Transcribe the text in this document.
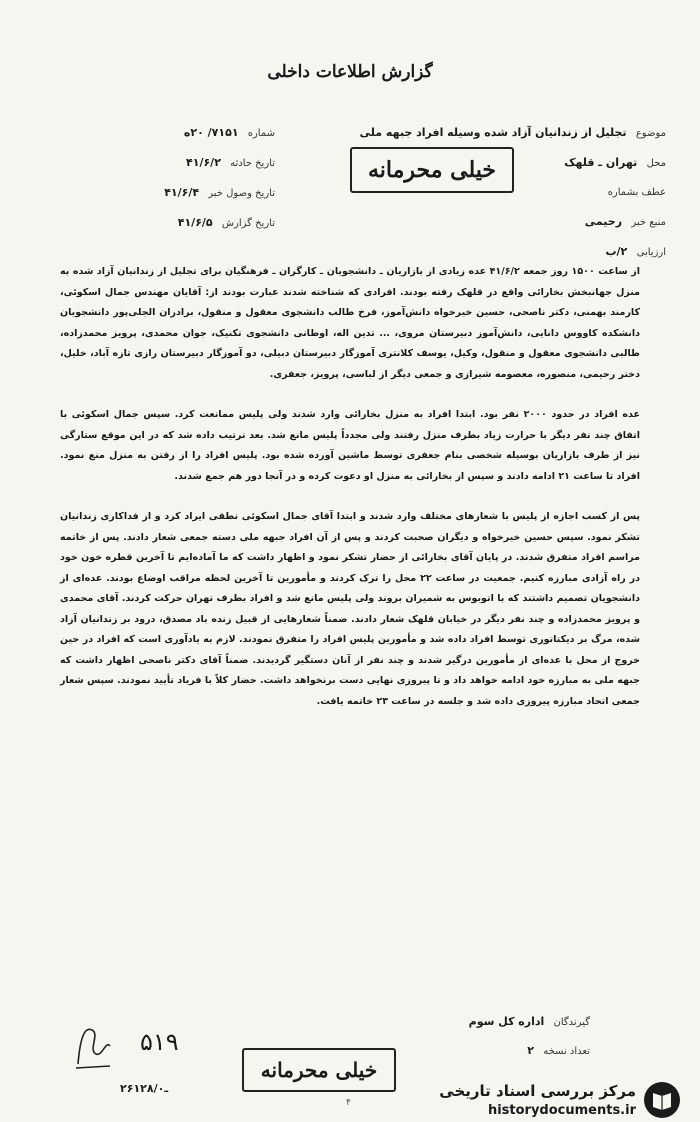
گزارش اطلاعات داخلی
موضوع تجلیل از زندانیان آزاد شده وسیله افراد جبهه ملی
محل تهران ـ قلهک
عطف بشماره
منبع خبر رحیمی
ارزیابی ۲/ب
شماره ۷۱۵۱/ ۲۰ه
تاریخ حادثه ۴۱/۶/۲
تاریخ وصول خبر ۴۱/۶/۴
تاریخ گزارش ۴۱/۶/۵
خیلی محرمانه

از ساعت ۱۵۰۰ روز جمعه ۴۱/۶/۲ عده زیادی از بازاریان ـ دانشجویان ـ کارگران ـ فرهنگیان برای تجلیل از زندانیان آزاد شده به منزل جهانبخش بخارائی واقع در قلهک رفته بودند. افرادی که شناخته شدند عبارت بودند از: آقایان مهندس جمال اسکوئی، کارمند بهمنی، دکتر ناصحی، حسین خیرخواه دانش‌آموز، فرخ طالب دانشجوی معقول و منقول، برادران الجلی‌پور دانشجویان دانشکده کاووس دانایی، دانش‌آموز دبیرستان مروی، ... تدین اله، اوطانی دانشجوی تکنیک، جوان محمدی، پرویز محمدزاده، طالبی دانشجوی معقول و منقول، وکیل، یوسف کلانتری آموزگار دبیرستان دبیلی، دو آموزگار دبیرستان رازی تازه آباد، خلیل، دختر رحیمی، منصوره، معصومه شیرازی و جمعی دیگر از لباسی، پرویز، جعفری.

عده افراد در حدود ۲۰۰۰ نفر بود. ابتدا افراد به منزل بخارائی وارد شدند ولی پلیس ممانعت کرد. سپس جمال اسکوئی با اتفاق چند نفر دیگر با حرارت زیاد بطرف منزل رفتند ولی مجدداً پلیس مانع شد. بعد ترتیب داده شد که در این موقع ستارگی نیز از طرف بازاریان بوسیله شخصی بنام جعفری توسط ماشین آورده شده بود. پلیس افراد را از رفتن به منزل منع نمود. افراد تا ساعت ۲۱ ادامه دادند و سپس از بخارائی به منزل او دعوت کرده و در آنجا دور هم جمع شدند.

پس از کسب اجازه از پلیس با شعارهای مختلف وارد شدند و ابتدا آقای جمال اسکوئی نطقی ایراد کرد و از فداکاری زندانیان تشکر نمود. سپس حسین خیرخواه و دیگران صحبت کردند و پس از آن افراد جبهه ملی دسته جمعی شعار دادند. پس از خاتمه مراسم افراد متفرق شدند. در پایان آقای بخارائی از حضار تشکر نمود و اظهار داشت که ما آماده‌ایم تا آخرین قطره خون خود در راه آزادی مبارزه کنیم. جمعیت در ساعت ۲۲ محل را ترک کردند و مأمورین تا آخرین لحظه مراقب اوضاع بودند. عده‌ای از دانشجویان تصمیم داشتند که با اتوبوس به شمیران بروند ولی پلیس مانع شد و افراد بطرف تهران حرکت کردند. آقای محمدی و پرویز محمدزاده و چند نفر دیگر در خیابان قلهک شعار دادند. ضمناً شعارهایی از قبیل زنده باد مصدق، درود بر زندانیان آزاد شده، مرگ بر دیکتاتوری توسط افراد داده شد و مأمورین پلیس افراد را متفرق نمودند. لازم به یادآوری است که افراد در حین خروج از محل با عده‌ای از مأمورین درگیر شدند و چند نفر از آنان دستگیر گردیدند. ضمناً آقای دکتر ناصحی اظهار داشت که جبهه ملی به مبارزه خود ادامه خواهد داد و تا پیروزی نهایی دست برنخواهد داشت. حضار کلاً با فریاد تأیید نمودند. سپس شعار جمعی اتحاد مبارزه پیروزی داده شد و جلسه در ساعت ۲۳ خاتمه یافت.

گیرندگان اداره کل سوم
تعداد نسخه ۲
۵۱۹
۲۶ـ۱۲۸/۰
خیلی محرمانه
۴
مرکز بررسی اسناد تاریخی
historydocuments.ir
